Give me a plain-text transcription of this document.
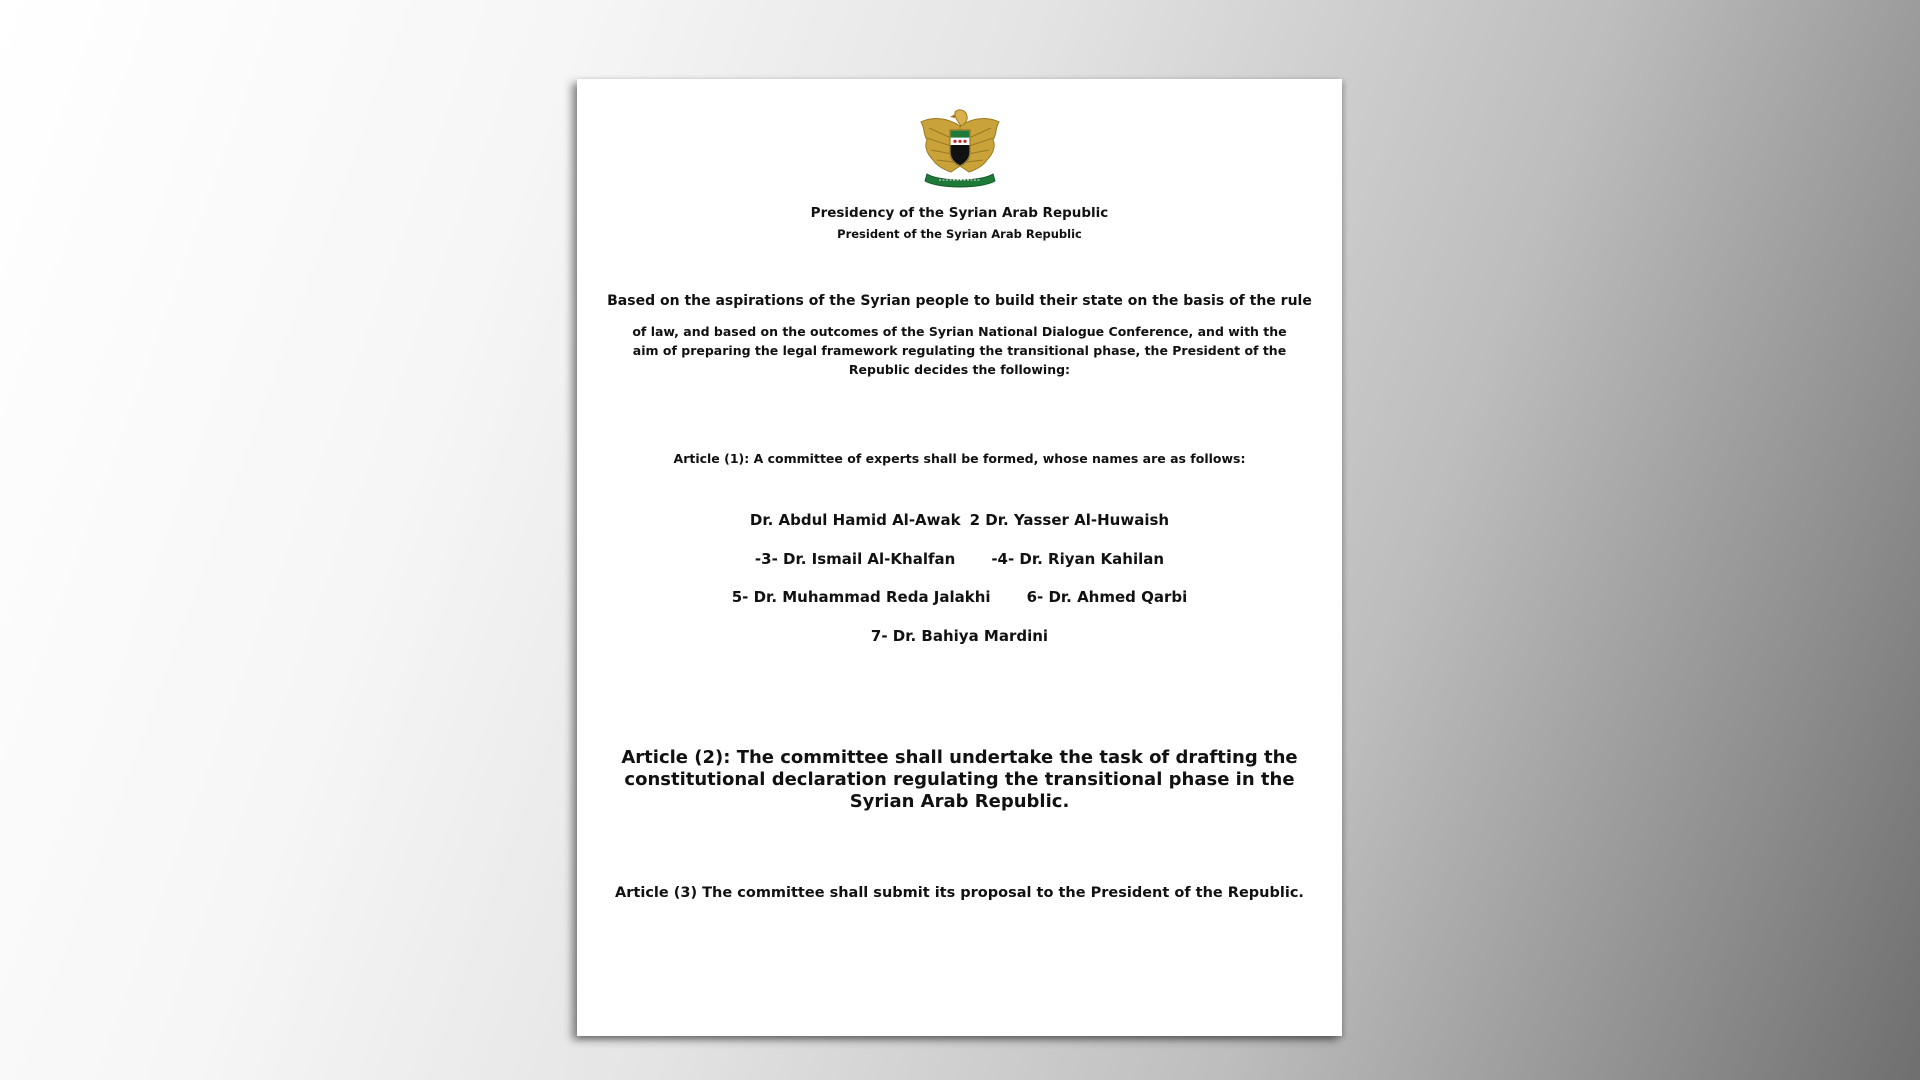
Presidency of the Syrian Arab Republic
President of the Syrian Arab Republic
Based on the aspirations of the Syrian people to build their state on the basis of the rule
of law, and based on the outcomes of the Syrian National Dialogue Conference, and with the aim of preparing the legal framework regulating the transitional phase, the President of the Republic decides the following:
Article (1): A committee of experts shall be formed, whose names are as follows:
Dr. Abdul Hamid Al-Awak 2 Dr. Yasser Al-Huwaish
-3- Dr. Ismail Al-Khalfan -4- Dr. Riyan Kahilan
5- Dr. Muhammad Reda Jalakhi 6- Dr. Ahmed Qarbi
7- Dr. Bahiya Mardini
Article (2): The committee shall undertake the task of drafting the constitutional declaration regulating the transitional phase in the Syrian Arab Republic.
Article (3) The committee shall submit its proposal to the President of the Republic.
